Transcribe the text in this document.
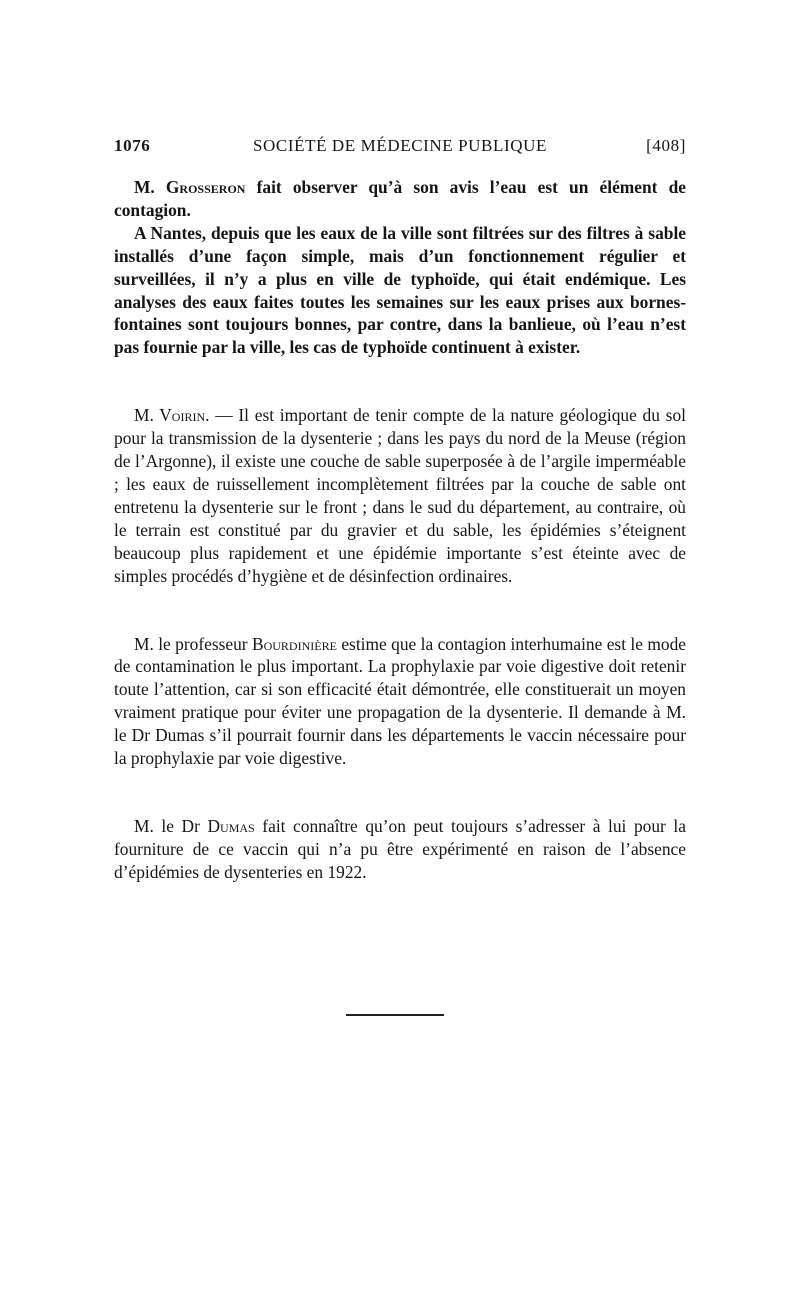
1076	SOCIÉTÉ DE MÉDECINE PUBLIQUE	[408]

M. Grosseron fait observer qu’à son avis l’eau est un élément de contagion.

A Nantes, depuis que les eaux de la ville sont filtrées sur des filtres à sable installés d’une façon simple, mais d’un fonctionnement régulier et surveillées, il n’y a plus en ville de typhoïde, qui était endémique. Les analyses des eaux faites toutes les semaines sur les eaux prises aux bornes-fontaines sont toujours bonnes, par contre, dans la banlieue, où l’eau n’est pas fournie par la ville, les cas de typhoïde continuent à exister.

M. Voirin. — Il est important de tenir compte de la nature géologique du sol pour la transmission de la dysenterie ; dans les pays du nord de la Meuse (région de l’Argonne), il existe une couche de sable superposée à de l’argile imperméable ; les eaux de ruissellement incomplètement filtrées par la couche de sable ont entretenu la dysenterie sur le front ; dans le sud du département, au contraire, où le terrain est constitué par du gravier et du sable, les épidémies s’éteignent beaucoup plus rapidement et une épidémie importante s’est éteinte avec de simples procédés d’hygiène et de désinfection ordinaires.

M. le professeur Bourdinière estime que la contagion interhumaine est le mode de contamination le plus important. La prophylaxie par voie digestive doit retenir toute l’attention, car si son efficacité était démontrée, elle constituerait un moyen vraiment pratique pour éviter une propagation de la dysenterie. Il demande à M. le Dr Dumas s’il pourrait fournir dans les départements le vaccin nécessaire pour la prophylaxie par voie digestive.

M. le Dr Dumas fait connaître qu’on peut toujours s’adresser à lui pour la fourniture de ce vaccin qui n’a pu être expérimenté en raison de l’absence d’épidémies de dysenteries en 1922.
